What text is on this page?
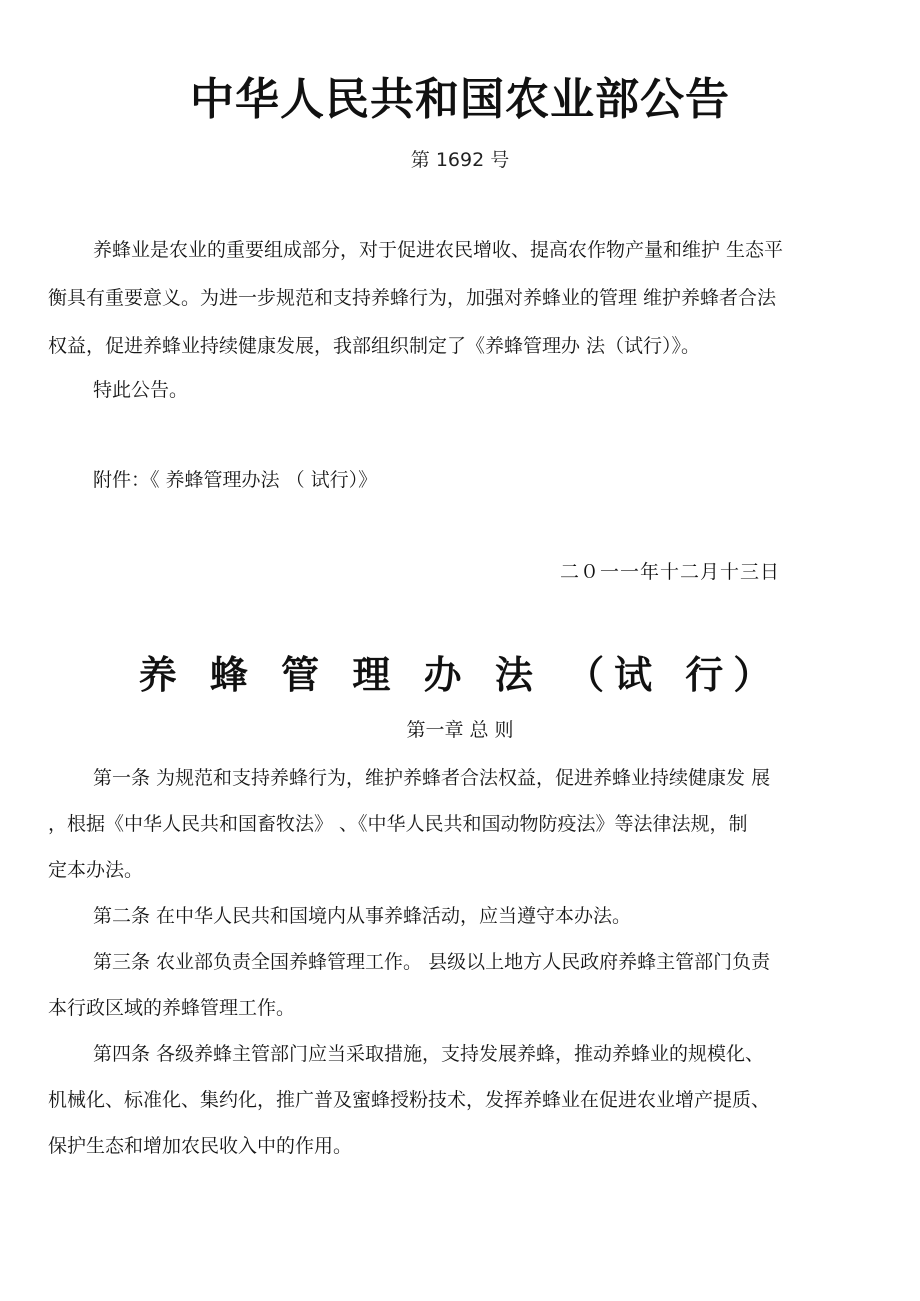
中华人民共和国农业部公告
第 1692 号
养蜂业是农业的重要组成部分，对于促进农民增收、提高农作物产量和维护 生态平
衡具有重要意义。为进一步规范和支持养蜂行为，加强对养蜂业的管理 维护养蜂者合法
权益，促进养蜂业持续健康发展，我部组织制定了《养蜂管理办 法（试行）》。
特此公告。
附件：《 养蜂管理办法 （ 试行）》
二０一一年十二月十三日
养 蜂 管 理 办 法 （试 行）
第一章 总 则
第一条 为规范和支持养蜂行为，维护养蜂者合法权益，促进养蜂业持续健康发 展
，根据《中华人民共和国畜牧法》 、《中华人民共和国动物防疫法》等法律法规，制
定本办法。
第二条 在中华人民共和国境内从事养蜂活动，应当遵守本办法。
第三条 农业部负责全国养蜂管理工作。 县级以上地方人民政府养蜂主管部门负责
本行政区域的养蜂管理工作。
第四条 各级养蜂主管部门应当采取措施，支持发展养蜂，推动养蜂业的规模化、
机械化、标准化、集约化，推广普及蜜蜂授粉技术，发挥养蜂业在促进农业增产提质、
保护生态和增加农民收入中的作用。
